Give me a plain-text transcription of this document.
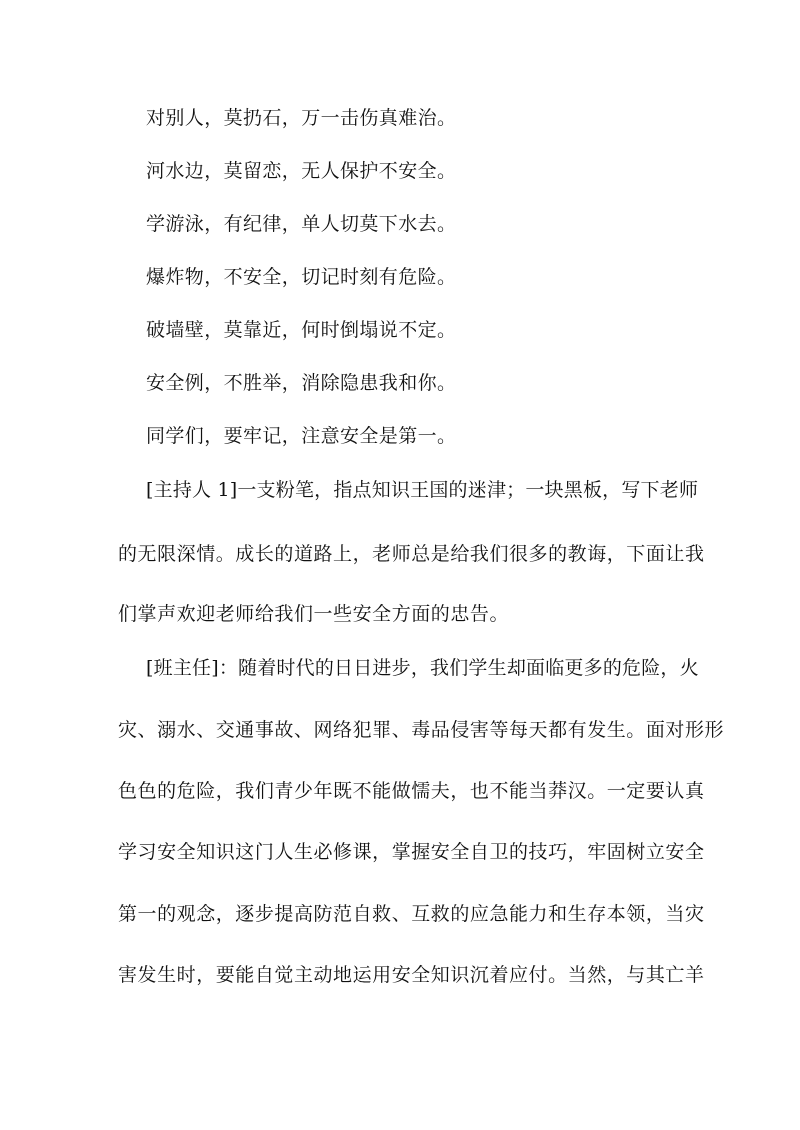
对别人，莫扔石，万一击伤真难治。
河水边，莫留恋，无人保护不安全。
学游泳，有纪律，单人切莫下水去。
爆炸物，不安全，切记时刻有危险。
破墙壁，莫靠近，何时倒塌说不定。
安全例，不胜举，消除隐患我和你。
同学们，要牢记，注意安全是第一。
[主持人 1]一支粉笔，指点知识王国的迷津；一块黑板，写下老师
的无限深情。成长的道路上，老师总是给我们很多的教诲，下面让我
们掌声欢迎老师给我们一些安全方面的忠告。
[班主任]：随着时代的日日进步，我们学生却面临更多的危险，火
灾、溺水、交通事故、网络犯罪、毒品侵害等每天都有发生。面对形形
色色的危险，我们青少年既不能做懦夫，也不能当莽汉。一定要认真
学习安全知识这门人生必修课，掌握安全自卫的技巧，牢固树立安全
第一的观念，逐步提高防范自救、互救的应急能力和生存本领，当灾
害发生时，要能自觉主动地运用安全知识沉着应付。当然，与其亡羊
